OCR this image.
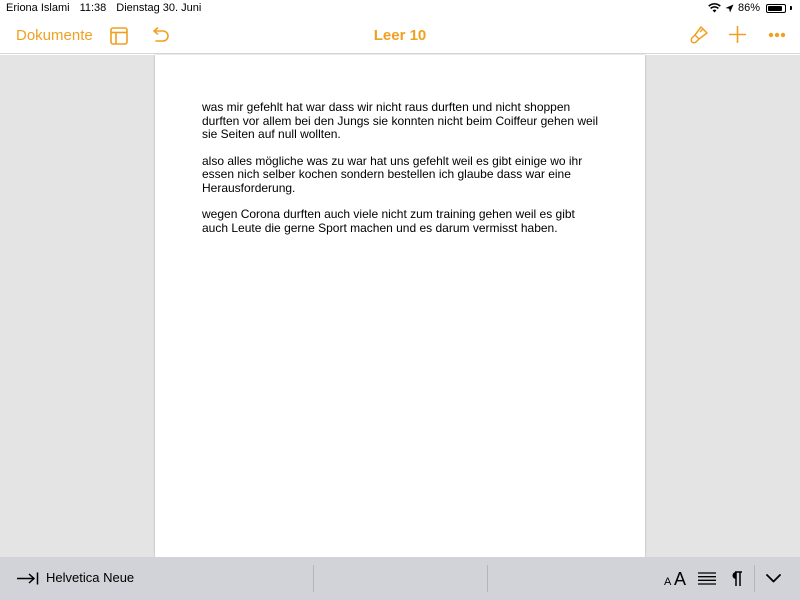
Eriona Islami 11:38 Dienstag 30. Juni	86%
Dokumente	Leer 10

was mir gefehlt hat war dass wir nicht raus durften und nicht shoppen durften vor allem bei den Jungs sie konnten nicht beim Coiffeur gehen weil sie Seiten auf null wollten.

also alles mögliche was zu war hat uns gefehlt weil es gibt einige wo ihr essen nich selber kochen sondern bestellen ich glaube dass war eine Herausforderung.

wegen Corona durften auch viele nicht zum training gehen weil es gibt auch Leute die gerne Sport machen und es darum vermisst haben.

Helvetica Neue	A A
